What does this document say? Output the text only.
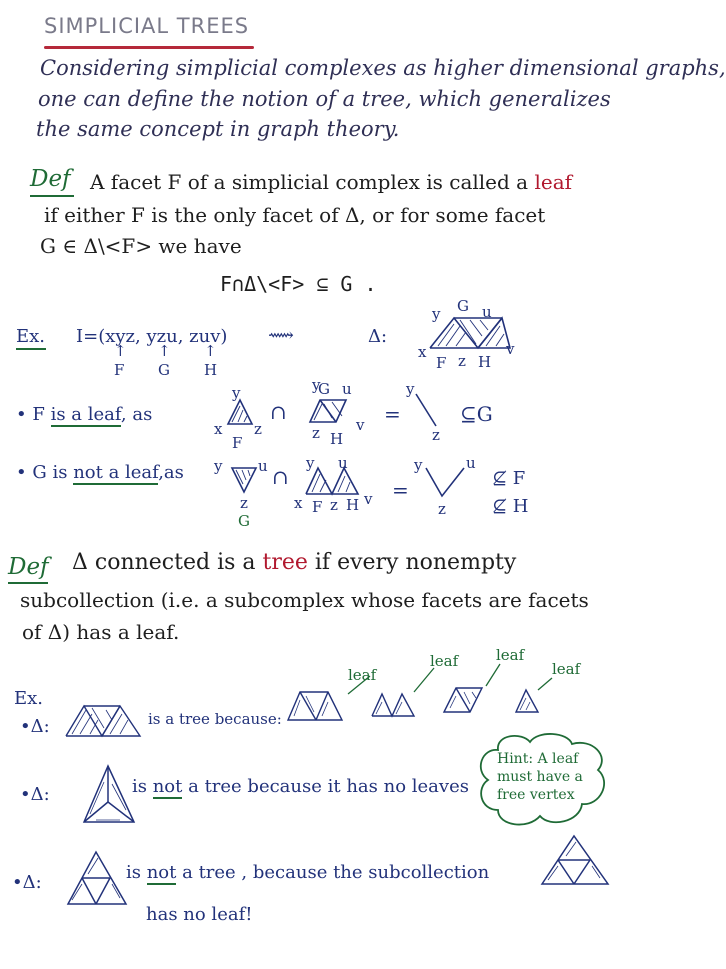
SIMPLICIAL TREES
Considering simplicial complexes as higher dimensional graphs,
one can define the notion of a tree, which generalizes
the same concept in graph theory.
Def A facet F of a simplicial complex is called a leaf
if either F is the only facet of Δ, or for some facet
G ∈ Δ\<F> we have
F∩Δ\<F> ⊆ G .
Ex. I=(xyz, yzu, zuv)
↑ ↑ ↑
F G H
⟿	Δ:
y G u
x	v
F z H
• F is a leaf, as
x
y
z
F
∩
y
G u
v
z H
=
y
z
⊆G
• G is not a leaf,as y u
z
G
∩
y u
x F z H v =
y	u
z
⊈ F
⊈ H
Def Δ connected is a tree if every nonempty
subcollection (i.e. a subcomplex whose facets are facets
of Δ) has a leaf.
Ex.
•Δ:	is a tree because:
leaf
leaf	leaf
leaf
•Δ:	is not a tree because it has no leaves
Hint: A leaf must have a free vertex
•Δ:	is not a tree , because the subcollection
has no leaf!
